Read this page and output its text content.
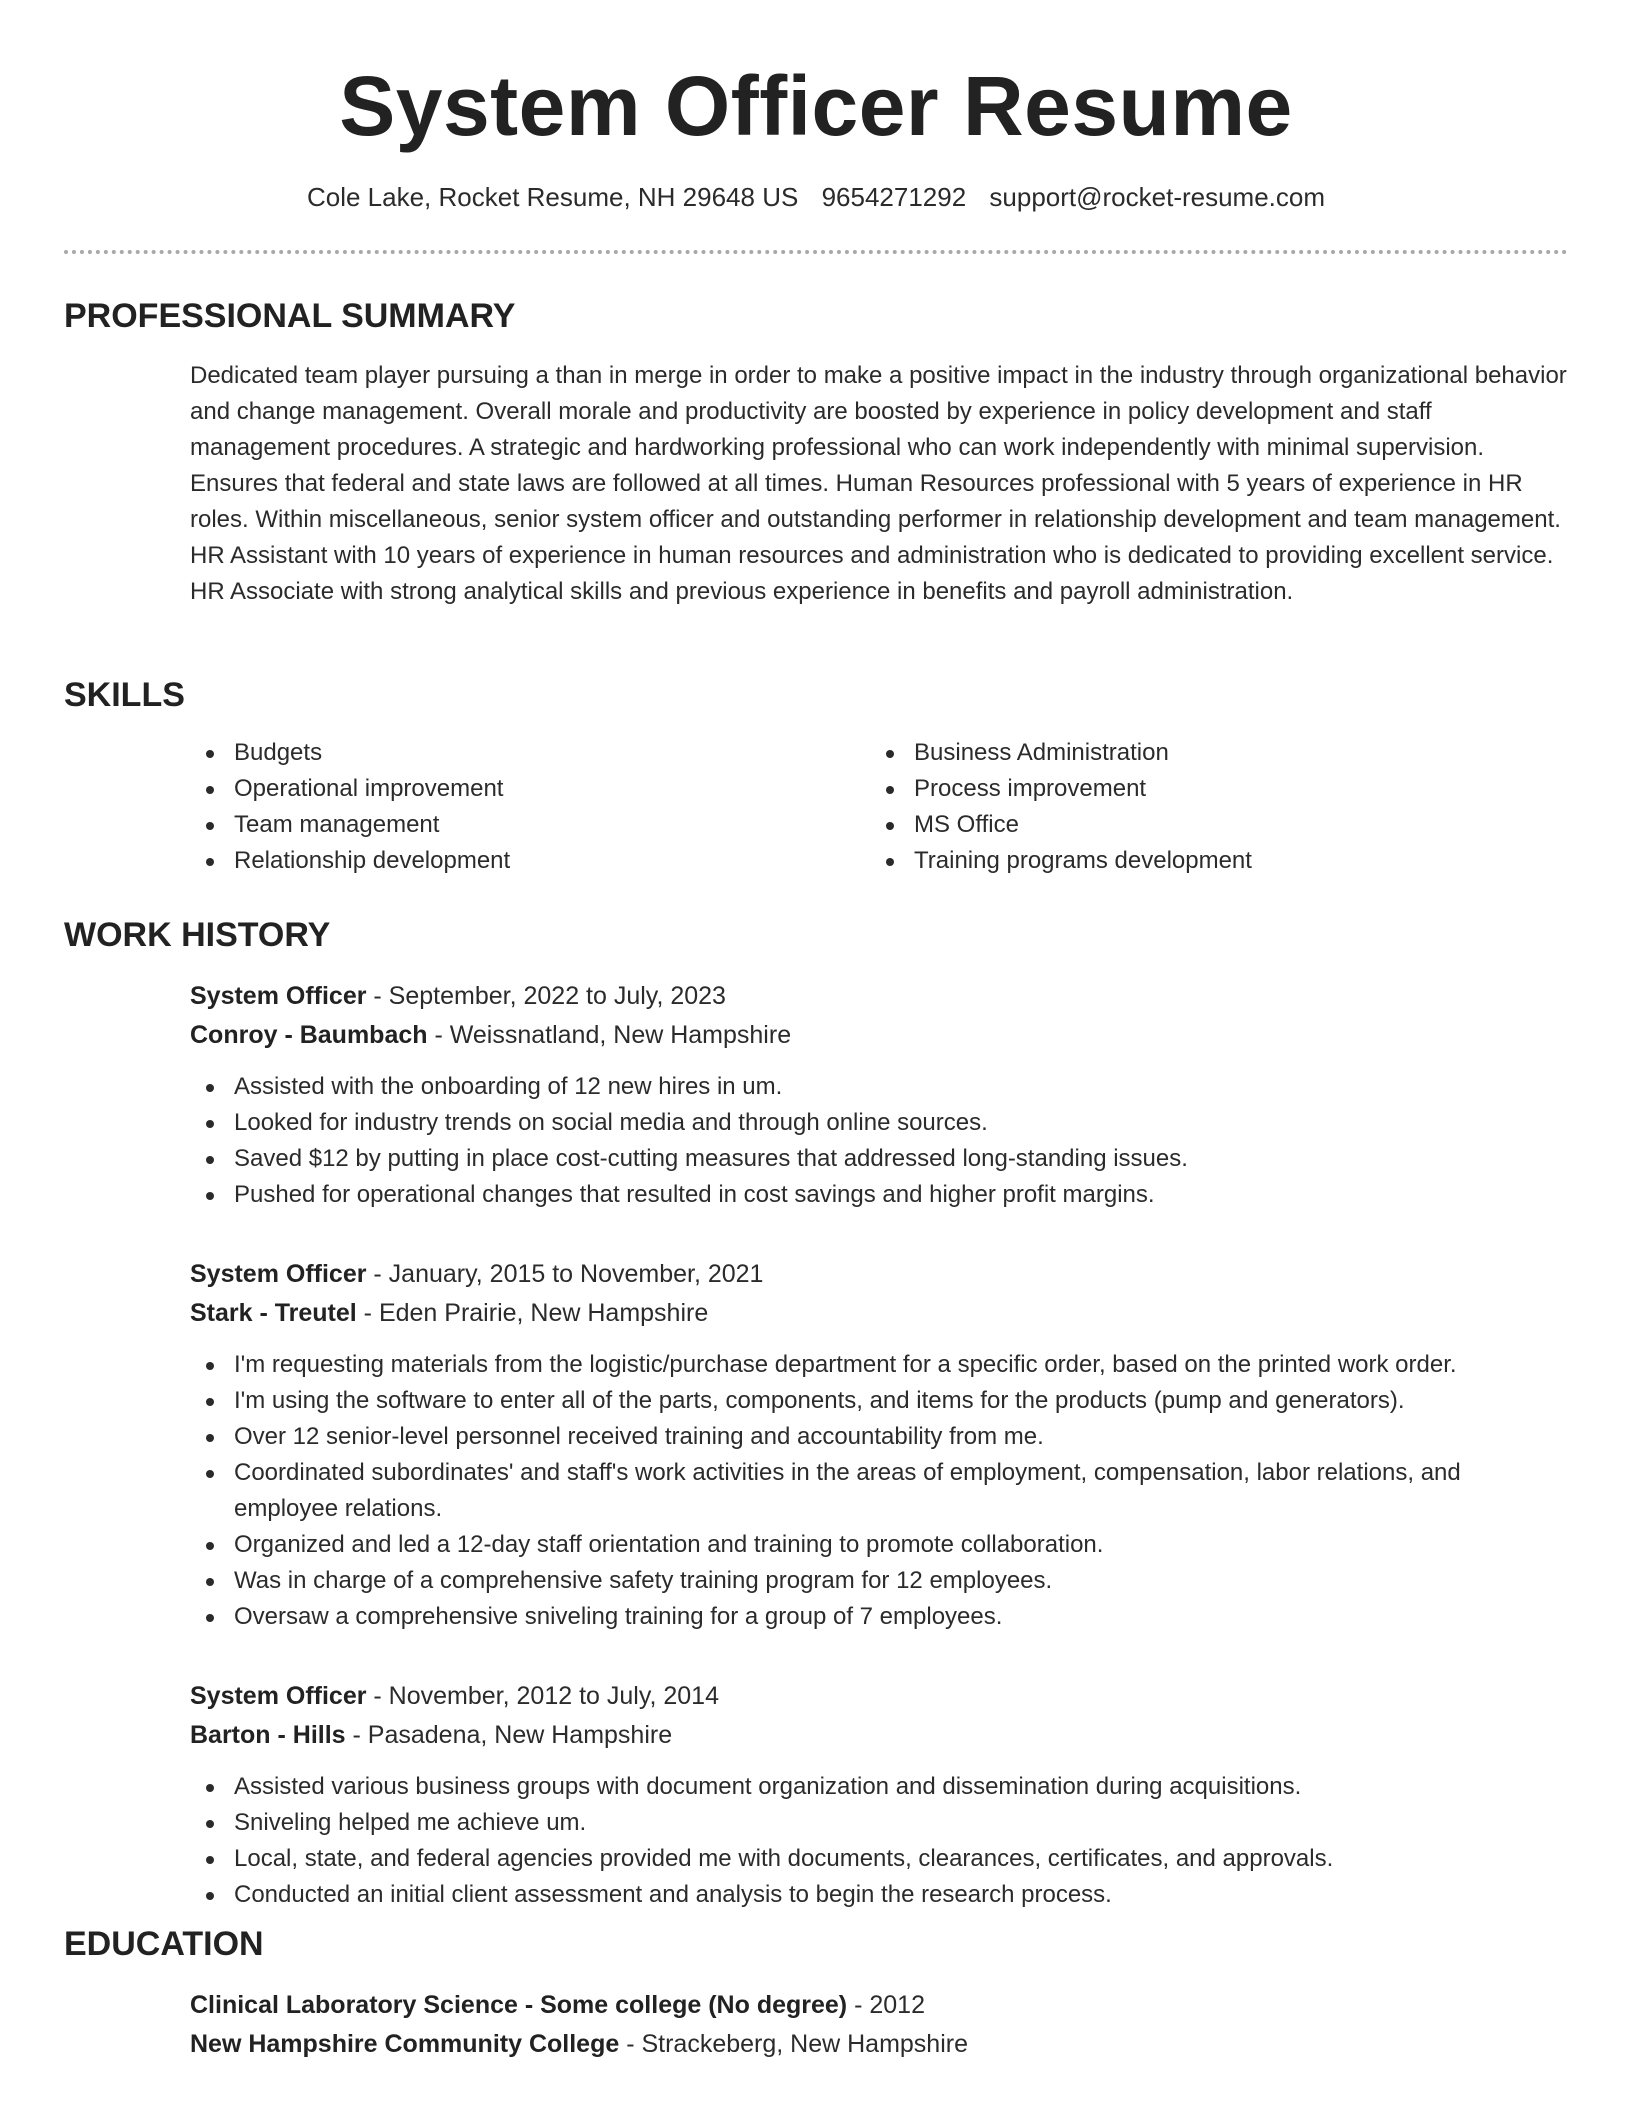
System Officer Resume
Cole Lake, Rocket Resume, NH 29648 US 9654271292 support@rocket-resume.com
PROFESSIONAL SUMMARY
Dedicated team player pursuing a than in merge in order to make a positive impact in the industry through organizational behavior and change management. Overall morale and productivity are boosted by experience in policy development and staff management procedures. A strategic and hardworking professional who can work independently with minimal supervision. Ensures that federal and state laws are followed at all times. Human Resources professional with 5 years of experience in HR roles. Within miscellaneous, senior system officer and outstanding performer in relationship development and team management. HR Assistant with 10 years of experience in human resources and administration who is dedicated to providing excellent service. HR Associate with strong analytical skills and previous experience in benefits and payroll administration.
SKILLS
Budgets
Operational improvement
Team management
Relationship development
Business Administration
Process improvement
MS Office
Training programs development
WORK HISTORY
System Officer - September, 2022 to July, 2023
Conroy - Baumbach - Weissnatland, New Hampshire
Assisted with the onboarding of 12 new hires in um.
Looked for industry trends on social media and through online sources.
Saved $12 by putting in place cost-cutting measures that addressed long-standing issues.
Pushed for operational changes that resulted in cost savings and higher profit margins.
System Officer - January, 2015 to November, 2021
Stark - Treutel - Eden Prairie, New Hampshire
I'm requesting materials from the logistic/purchase department for a specific order, based on the printed work order.
I'm using the software to enter all of the parts, components, and items for the products (pump and generators).
Over 12 senior-level personnel received training and accountability from me.
Coordinated subordinates' and staff's work activities in the areas of employment, compensation, labor relations, and employee relations.
Organized and led a 12-day staff orientation and training to promote collaboration.
Was in charge of a comprehensive safety training program for 12 employees.
Oversaw a comprehensive sniveling training for a group of 7 employees.
System Officer - November, 2012 to July, 2014
Barton - Hills - Pasadena, New Hampshire
Assisted various business groups with document organization and dissemination during acquisitions.
Sniveling helped me achieve um.
Local, state, and federal agencies provided me with documents, clearances, certificates, and approvals.
Conducted an initial client assessment and analysis to begin the research process.
EDUCATION
Clinical Laboratory Science - Some college (No degree) - 2012
New Hampshire Community College - Strackeberg, New Hampshire
